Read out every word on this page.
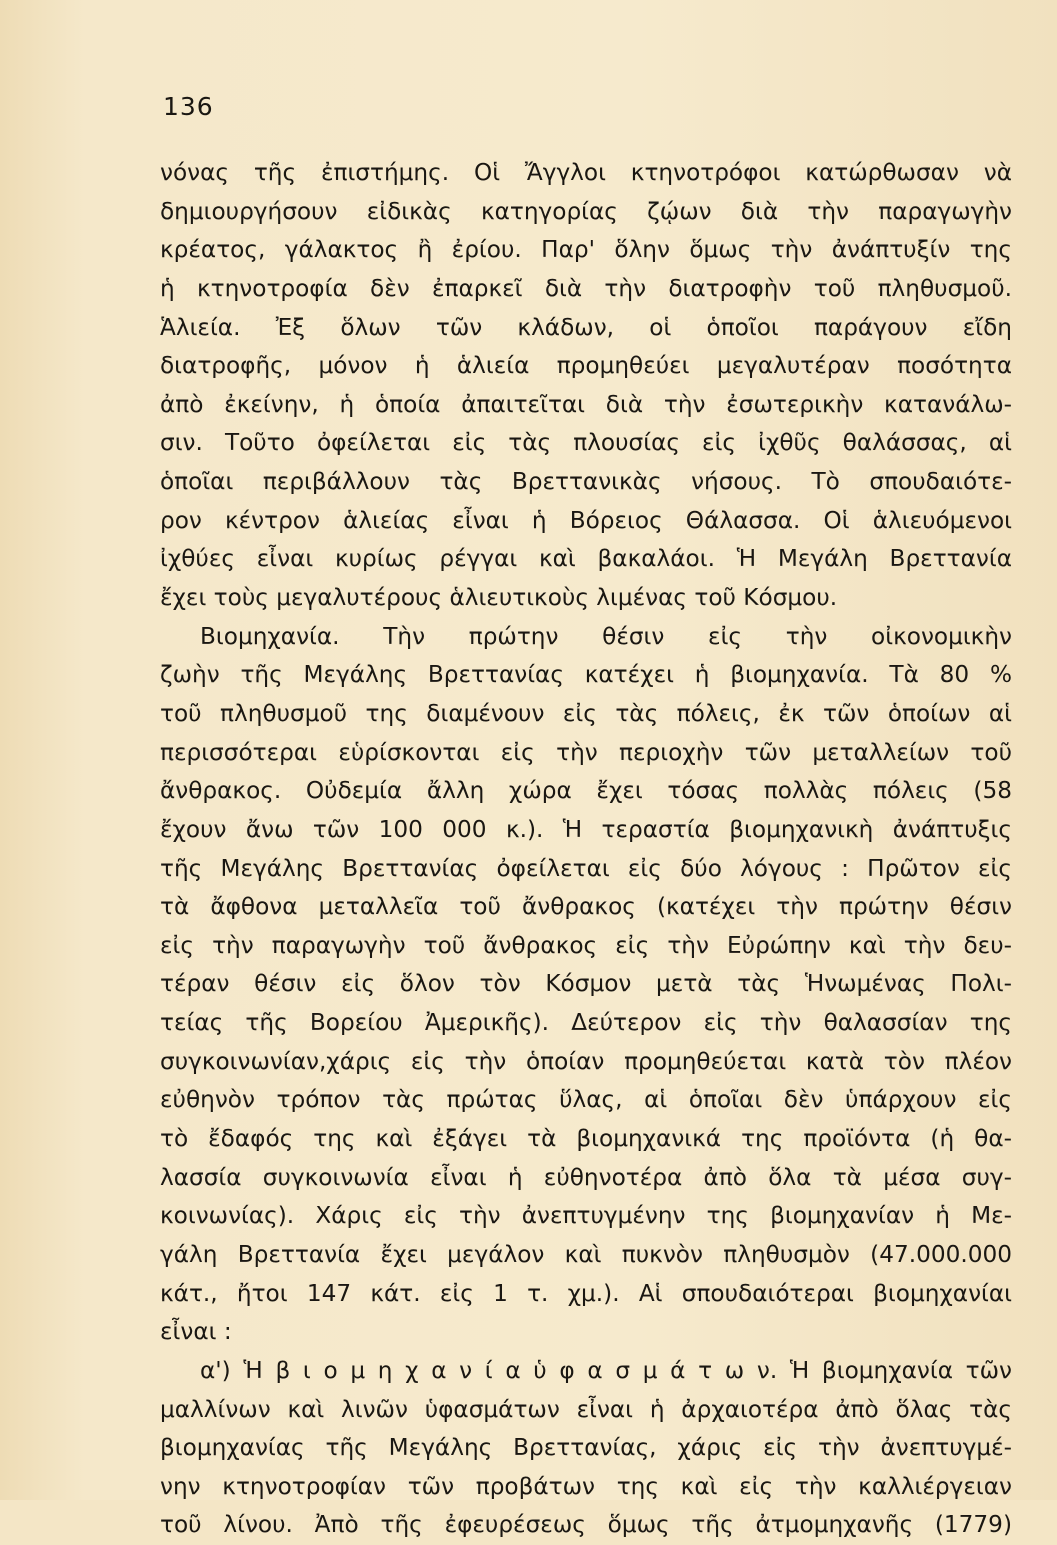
136
νόνας τῆς ἐπιστήμης. Οἱ Ἄγγλοι κτηνοτρόφοι κατώρθωσαν νὰ
δημιουργήσουν εἰδικὰς κατηγορίας ζῴων διὰ τὴν παραγωγὴν
κρέατος, γάλακτος ἢ ἐρίου. Παρ' ὅλην ὅμως τὴν ἀνάπτυξίν της
ἡ κτηνοτροφία δὲν ἐπαρκεῖ διὰ τὴν διατροφὴν τοῦ πληθυσμοῦ.
Ἁλιεία. Ἐξ ὅλων τῶν κλάδων, οἱ ὁποῖοι παράγουν εἴδη
διατροφῆς, μόνον ἡ ἁλιεία προμηθεύει μεγαλυτέραν ποσότητα
ἀπὸ ἐκείνην, ἡ ὁποία ἀπαιτεῖται διὰ τὴν ἐσωτερικὴν κατανάλω-
σιν. Τοῦτο ὀφείλεται εἰς τὰς πλουσίας εἰς ἰχθῦς θαλάσσας, αἱ
ὁποῖαι περιβάλλουν τὰς Βρεττανικὰς νήσους. Τὸ σπουδαιότε-
ρον κέντρον ἁλιείας εἶναι ἡ Βόρειος Θάλασσα. Οἱ ἁλιευόμενοι
ἰχθύες εἶναι κυρίως ρέγγαι καὶ βακαλάοι. Ἡ Μεγάλη Βρεττανία
ἔχει τοὺς μεγαλυτέρους ἁλιευτικοὺς λιμένας τοῦ Κόσμου.
Βιομηχανία. Τὴν πρώτην θέσιν εἰς τὴν οἰκονομικὴν
ζωὴν τῆς Μεγάλης Βρεττανίας κατέχει ἡ βιομηχανία. Τὰ 80 %
τοῦ πληθυσμοῦ της διαμένουν εἰς τὰς πόλεις, ἐκ τῶν ὁποίων αἱ
περισσότεραι εὑρίσκονται εἰς τὴν περιοχὴν τῶν μεταλλείων τοῦ
ἄνθρακος. Οὐδεμία ἄλλη χώρα ἔχει τόσας πολλὰς πόλεις (58
ἔχουν ἄνω τῶν 100 000 κ.). Ἡ τεραστία βιομηχανικὴ ἀνάπτυξις
τῆς Μεγάλης Βρεττανίας ὀφείλεται εἰς δύο λόγους : Πρῶτον εἰς
τὰ ἄφθονα μεταλλεῖα τοῦ ἄνθρακος (κατέχει τὴν πρώτην θέσιν
εἰς τὴν παραγωγὴν τοῦ ἄνθρακος εἰς τὴν Εὐρώπην καὶ τὴν δευ-
τέραν θέσιν εἰς ὅλον τὸν Κόσμον μετὰ τὰς Ἡνωμένας Πολι-
τείας τῆς Βορείου Ἀμερικῆς). Δεύτερον εἰς τὴν θαλασσίαν της
συγκοινωνίαν,χάρις εἰς τὴν ὁποίαν προμηθεύεται κατὰ τὸν πλέον
εὐθηνὸν τρόπον τὰς πρώτας ὕλας, αἱ ὁποῖαι δὲν ὑπάρχουν εἰς
τὸ ἔδαφός της καὶ ἐξάγει τὰ βιομηχανικά της προϊόντα (ἡ θα-
λασσία συγκοινωνία εἶναι ἡ εὐθηνοτέρα ἀπὸ ὅλα τὰ μέσα συγ-
κοινωνίας). Χάρις εἰς τὴν ἀνεπτυγμένην της βιομηχανίαν ἡ Με-
γάλη Βρεττανία ἔχει μεγάλον καὶ πυκνὸν πληθυσμὸν (47.000.000
κάτ., ἤτοι 147 κάτ. εἰς 1 τ. χμ.). Αἱ σπουδαιότεραι βιομηχανίαι
εἶναι :
α') Ἡ β ι ο μ η χ α ν ί α ὑ φ α σ μ ά τ ω ν. Ἡ βιομηχανία τῶν
μαλλίνων καὶ λινῶν ὑφασμάτων εἶναι ἡ ἀρχαιοτέρα ἀπὸ ὅλας τὰς
βιομηχανίας τῆς Μεγάλης Βρεττανίας, χάρις εἰς τὴν ἀνεπτυγμέ-
νην κτηνοτροφίαν τῶν προβάτων της καὶ εἰς τὴν καλλιέργειαν
τοῦ λίνου. Ἀπὸ τῆς ἐφευρέσεως ὅμως τῆς ἀτμομηχανῆς (1779)
